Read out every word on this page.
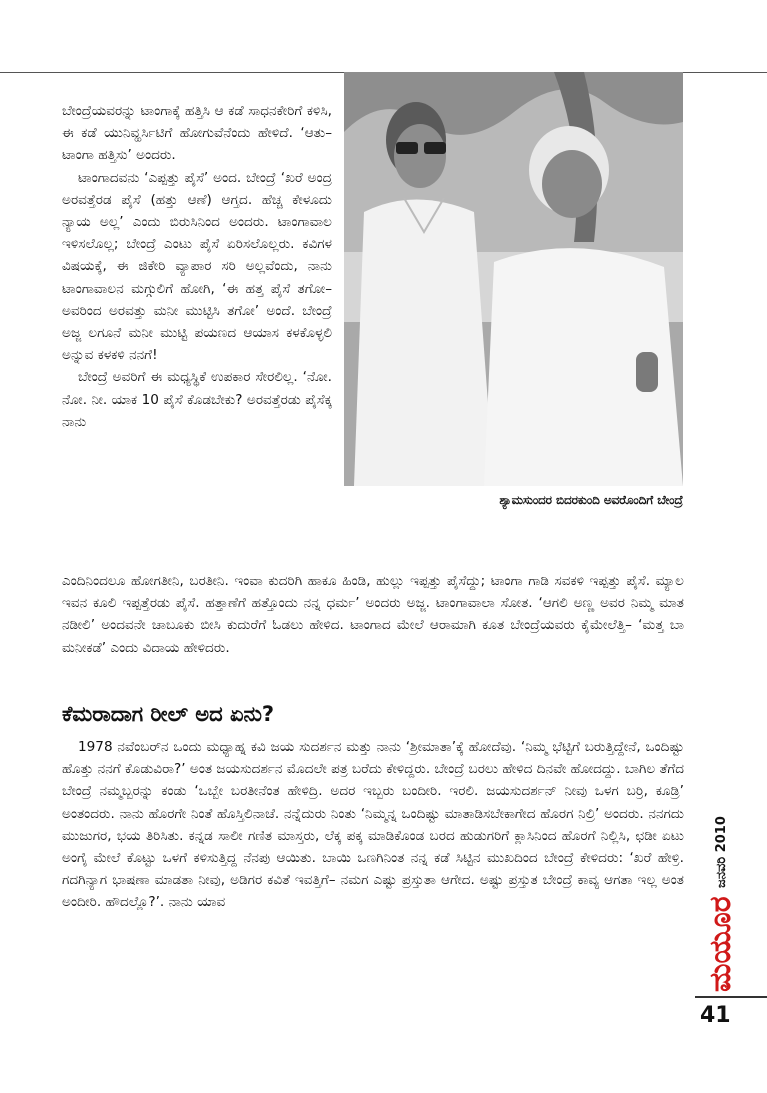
ಬೇಂದ್ರೆಯವರನ್ನು ಟಾಂಗಾಕ್ಕೆ ಹತ್ತಿಸಿ ಆ ಕಡೆ ಸಾಧನಕೇರಿಗೆ ಕಳಿಸಿ, ಈ ಕಡೆ ಯುನಿವ್ಹರ್ಸಿಟಿಗೆ ಹೋಗುವೆನೆಂದು ಹೇಳಿದೆ. ‘ಆತು– ಟಾಂಗಾ ಹತ್ತಿಸು’ ಅಂದರು.

ಟಾಂಗಾದವನು ‘ಎಪ್ಪತ್ತು ಪೈಸೆ’ ಅಂದ. ಬೇಂದ್ರೆ ‘ಖರೆ ಅಂದ್ರ ಅರವತ್ತೆರಡ ಪೈಸೆ (ಹತ್ತು ಆಣೆ) ಆಗ್ತದ. ಹೆಚ್ಚ ಕೇಳೂದು ನ್ಯಾಯ ಅಲ್ಲ’ ಎಂದು ಬಿರುಸಿನಿಂದ ಅಂದರು. ಟಾಂಗಾವಾಲ ಇಳಿಸಲೊಲ್ಲ; ಬೇಂದ್ರೆ ಎಂಟು ಪೈಸೆ ಏರಿಸಲೊಲ್ಲರು. ಕವಿಗಳ ವಿಷಯಕ್ಕೆ, ಈ ಜಿಕೇರಿ ವ್ಯಾಪಾರ ಸರಿ ಅಲ್ಲವೆಂದು, ನಾನು ಟಾಂಗಾವಾಲನ ಮಗ್ಗುಲಿಗೆ ಹೋಗಿ, ‘ಈ ಹತ್ತ ಪೈಸೆ ತಗೋ– ಅವರಿಂದ ಅರವತ್ತು ಮನೀ ಮುಟ್ಟಿಸಿ ತಗೋ’ ಅಂದೆ. ಬೇಂದ್ರೆ ಅಜ್ಜ ಲಗೂನೆ ಮನೀ ಮುಟ್ಟಿ ಪಯಣದ ಆಯಾಸ ಕಳಕೊಳ್ಳಲಿ ಅನ್ನುವ ಕಳಕಳಿ ನನಗೆ!

ಬೇಂದ್ರೆ ಅವರಿಗೆ ಈ ಮಧ್ಯಸ್ಥಿಕೆ ಉಪಕಾರ ಸೇರಲಿಲ್ಲ. ‘ನೋ. ನೋ. ನೀ. ಯಾಕ 10 ಪೈಸೆ ಕೊಡಬೇಕು? ಅರವತ್ತೆರಡು ಪೈಸೆಕ್ಕ ನಾನು

ಶ್ಯಾಮಸುಂದರ ಬಿದರಕುಂದಿ ಅವರೊಂದಿಗೆ ಬೇಂದ್ರೆ

ಎಂದಿನಿಂದಲೂ ಹೋಗತೀನಿ, ಬರತೀನಿ. ಇಂವಾ ಕುದರಿಗಿ ಹಾಕೂ ಹಿಂಡಿ, ಹುಲ್ಲು ಇಪ್ಪತ್ತು ಪೈಸೆದ್ದು; ಟಾಂಗಾ ಗಾಡಿ ಸವಕಳಿ ಇಪ್ಪತ್ತು ಪೈಸೆ. ಮ್ಯಾಲ ಇವನ ಕೂಲಿ ಇಪ್ಪತ್ತೆರಡು ಪೈಸೆ. ಹತ್ತಾಣೆಗೆ ಹತ್ತೊಂದು ನನ್ನ ಧರ್ಮ’ ಅಂದರು ಅಜ್ಜ. ಟಾಂಗಾವಾಲಾ ಸೋತ. ‘ಆಗಲಿ ಅಣ್ಣ ಅವರ ನಿಮ್ಮ ಮಾತ ನಡೀಲಿ’ ಅಂದವನೇ ಚಾಬೂಕು ಬೀಸಿ ಕುದುರೆಗೆ ಓಡಲು ಹೇಳಿದ. ಟಾಂಗಾದ ಮೇಲೆ ಆರಾಮಾಗಿ ಕೂತ ಬೇಂದ್ರೆಯವರು ಕೈಮೇಲೆತ್ತಿ– ‘ಮತ್ತ ಬಾ ಮನೀಕಡೆ’ ಎಂದು ವಿದಾಯ ಹೇಳಿದರು.

ಕೆಮರಾದಾಗ ರೀಲ್ ಅದ ಏನು?

1978 ನವೆಂಬರ್‌ನ ಒಂದು ಮಧ್ಯಾಹ್ನ ಕವಿ ಜಯ ಸುದರ್ಶನ ಮತ್ತು ನಾನು ‘ಶ್ರೀಮಾತಾ’ಕ್ಕೆ ಹೋದೆವು. ‘ನಿಮ್ಮ ಭೆಟ್ಟಿಗೆ ಬರುತ್ತಿದ್ದೇನೆ, ಒಂದಿಷ್ಟು ಹೊತ್ತು ನನಗೆ ಕೊಡುವಿರಾ?’ ಅಂತ ಜಯಸುದರ್ಶನ ಮೊದಲೇ ಪತ್ರ ಬರೆದು ಕೇಳಿದ್ದರು. ಬೇಂದ್ರೆ ಬರಲು ಹೇಳಿದ ದಿನವೇ ಹೋದದ್ದು. ಬಾಗಿಲ ತೆಗೆದ ಬೇಂದ್ರೆ ನಮ್ಮಬ್ಬರನ್ನು ಕಂಡು ‘ಒಬ್ಬೇ ಬರತೀನೆಂತ ಹೇಳಿದ್ರಿ. ಅದರ ಇಬ್ಬರು ಬಂದೀರಿ. ಇರಲಿ. ಜಯಸುದರ್ಶನ್ ನೀವು ಒಳಗ ಬರ್ರಿ, ಕೂಡ್ರಿ’ ಅಂತಂದರು. ನಾನು ಹೊರಗೇ ನಿಂತೆ ಹೊಸ್ತಿಲಿನಾಚೆ. ನನ್ನೆದುರು ನಿಂತು ‘ನಿಮ್ಮನ್ನ ಒಂದಿಷ್ಟು ಮಾತಾಡಿಸಬೇಕಾಗೇದ ಹೊರಗ ನಿಲ್ರಿ’ ಅಂದರು. ನನಗದು ಮುಜುಗರ, ಭಯ ತಿರಿಸಿತು. ಕನ್ನಡ ಸಾಲೀ ಗಣಿತ ಮಾಸ್ತರು, ಲೆಕ್ಕ ಪಕ್ಕ ಮಾಡಿಕೊಂಡ ಬರದ ಹುಡುಗರಿಗೆ ಕ್ಲಾಸಿನಿಂದ ಹೊರಗೆ ನಿಲ್ಲಿಸಿ, ಛಡೀ ಏಟು ಅಂಗೈ ಮೇಲೆ ಕೊಟ್ಟು ಒಳಗೆ ಕಳಿಸುತ್ತಿದ್ದ ನೆನಪು ಆಯಿತು. ಬಾಯಿ ಒಣಗಿನಿಂತ ನನ್ನ ಕಡೆ ಸಿಟ್ಟಿನ ಮುಖದಿಂದ ಬೇಂದ್ರೆ ಕೇಳಿದರು: ‘ಖರೆ ಹೇಳ್ರಿ. ಗದಗಿನ್ಯಾಗ ಭಾಷಣಾ ಮಾಡತಾ ನೀವು, ಅಡಿಗರ ಕವಿತೆ ಇವತ್ತಿಗೆ– ನಮಗ ಎಷ್ಟು ಪ್ರಸ್ತುತಾ ಆಗೇದ. ಅಷ್ಟು ಪ್ರಸ್ತುತ ಬೇಂದ್ರೆ ಕಾವ್ಯ ಆಗತಾ ಇಲ್ಲ ಅಂತ ಅಂದೀರಿ. ಹೌದಲ್ಲೊ?’. ನಾನು ಯಾವ

ಜನವರಿ 2010
ಮಯೂರ
41
